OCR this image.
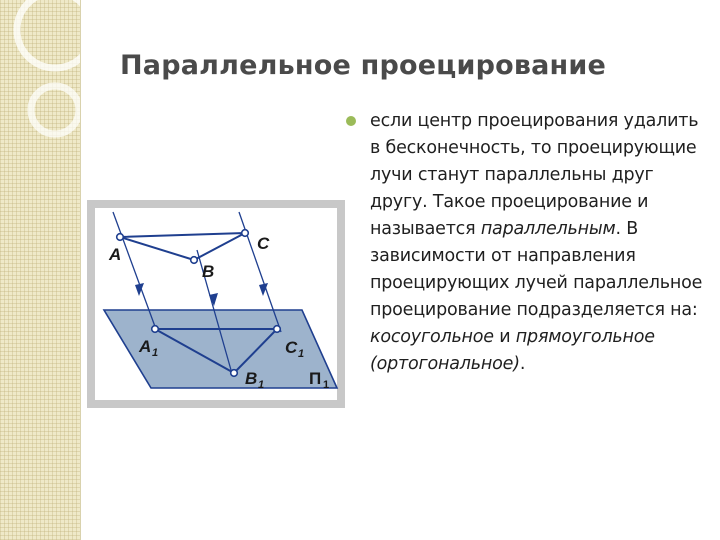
Параллельное проецирование
A
B
C
A 1	C 1
B 1	П 1

если центр проецирования удалить в бесконечность, то проецирующие лучи станут параллельны друг другу. Такое проецирование и называется параллельным. В зависимости от направления проецирующих лучей параллельное проецирование подразделяется на: косоугольное и прямоугольное (ортогональное).
